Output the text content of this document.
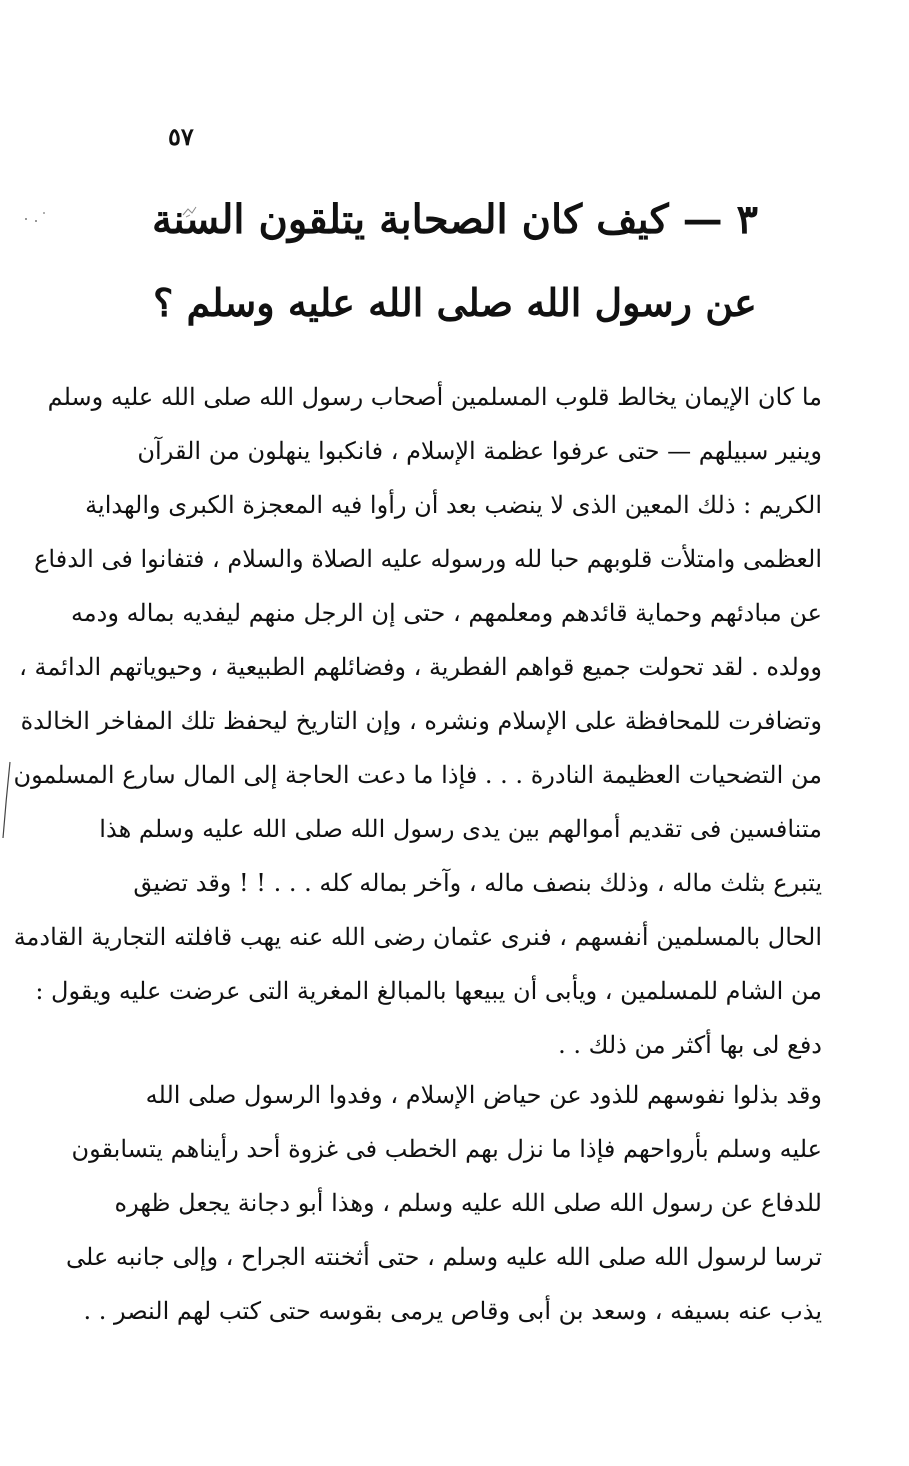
٥٧
٣ — كيف كان الصحابة يتلقون السنة
عن رسول الله صلى الله عليه وسلم ؟
ما كان الإيمان يخالط قلوب المسلمين أصحاب رسول الله صلى الله عليه وسلم
وينير سبيلهم — حتى عرفوا عظمة الإسلام ، فانكبوا ينهلون من القرآن
الكريم : ذلك المعين الذى لا ينضب بعد أن رأوا فيه المعجزة الكبرى والهداية
العظمى وامتلأت قلوبهم حبا لله ورسوله عليه الصلاة والسلام ، فتفانوا فى الدفاع
عن مبادئهم وحماية قائدهم ومعلمهم ، حتى إن الرجل منهم ليفديه بماله ودمه
وولده . لقد تحولت جميع قواهم الفطرية ، وفضائلهم الطبيعية ، وحيوياتهم الدائمة ،
وتضافرت للمحافظة على الإسلام ونشره ، وإن التاريخ ليحفظ تلك المفاخر الخالدة
من التضحيات العظيمة النادرة . . . فإذا ما دعت الحاجة إلى المال سارع المسلمون
متنافسين فى تقديم أموالهم بين يدى رسول الله صلى الله عليه وسلم هذا
يتبرع بثلث ماله ، وذلك بنصف ماله ، وآخر بماله كله . . . ! ! وقد تضيق
الحال بالمسلمين أنفسهم ، فنرى عثمان رضى الله عنه يهب قافلته التجارية القادمة
من الشام للمسلمين ، ويأبى أن يبيعها بالمبالغ المغرية التى عرضت عليه ويقول :
دفع لى بها أكثر من ذلك . .
وقد بذلوا نفوسهم للذود عن حياض الإسلام ، وفدوا الرسول صلى الله
عليه وسلم بأرواحهم فإذا ما نزل بهم الخطب فى غزوة أحد رأيناهم يتسابقون
للدفاع عن رسول الله صلى الله عليه وسلم ، وهذا أبو دجانة يجعل ظهره
ترسا لرسول الله صلى الله عليه وسلم ، حتى أثخنته الجراح ، وإلى جانبه على
يذب عنه بسيفه ، وسعد بن أبى وقاص يرمى بقوسه حتى كتب لهم النصر . .
